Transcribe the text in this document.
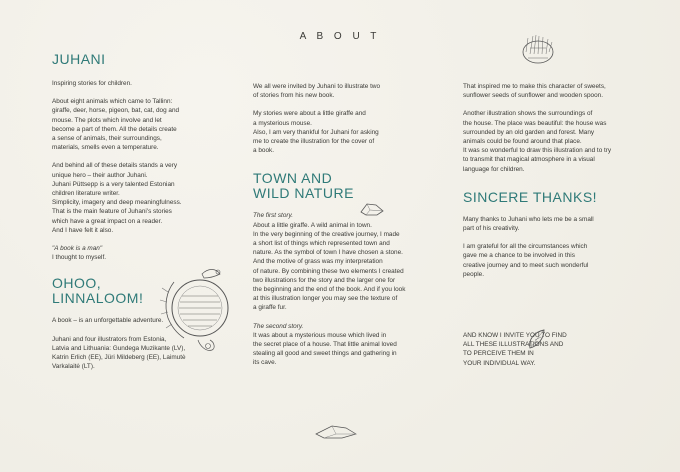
A B O U T
JUHANI

Inspiring stories for children.

About eight animals which came to Tallinn:
giraffe, deer, horse, pigeon, bat, cat, dog and
mouse. The plots which involve and let
become a part of them. All the details create
a sense of animals, their surroundings,
materials, smells even a temperature.

And behind all of these details stands a very
unique hero – their author Juhani.
Juhani Püttsepp is a very talented Estonian
children literature writer.
Simplicity, imagery and deep meaningfulness.
That is the main feature of Juhani's stories
which have a great impact on a reader.
And I have felt it also.

"A book is a man"

I thought to myself.

OHOO,
LINNALOOM!

A book – is an unforgettable adventure.

Juhani and four illustrators from Estonia,
Latvia and Lithuania: Gundega Muzikante (LV),
Katrin Erlich (EE), Jüri Mildeberg (EE), Laimutė
Varkalaitė (LT).

We all were invited by Juhani to illustrate two
of stories from his new book.

My stories were about a little giraffe and
a mysterious mouse.
Also, I am very thankful for Juhani for asking
me to create the illustration for the cover of
a book.

TOWN AND
WILD NATURE

The first story.

About a little giraffe. A wild animal in town.
In the very beginning of the creative journey, I made
a short list of things which represented town and
nature. As the symbol of town I have chosen a stone.
And the motive of grass was my interpretation
of nature. By combining these two elements I created
two illustrations for the story and the larger one for
the beginning and the end of the book. And if you look
at this illustration longer you may see the texture of
a giraffe fur.

The second story.

It was about a mysterious mouse which lived in
the secret place of a house. That little animal loved
stealing all good and sweet things and gathering in
its cave.

That inspired me to make this character of sweets,
sunflower seeds of sunflower and wooden spoon.

Another illustration shows the surroundings of
the house. The place was beautiful: the house was
surrounded by an old garden and forest. Many
animals could be found around that place.
It was so wonderful to draw this illustration and to try
to transmit that magical atmosphere in a visual
language for children.

SINCERE THANKS!

Many thanks to Juhani who lets me be a small
part of his creativity.

I am grateful for all the circumstances which
gave me a chance to be involved in this
creative journey and to meet such wonderful
people.

AND KNOW I INVITE YOU TO FIND
ALL THESE ILLUSTRATIONS AND
TO PERCEIVE THEM IN
YOUR INDIVIDUAL WAY.
